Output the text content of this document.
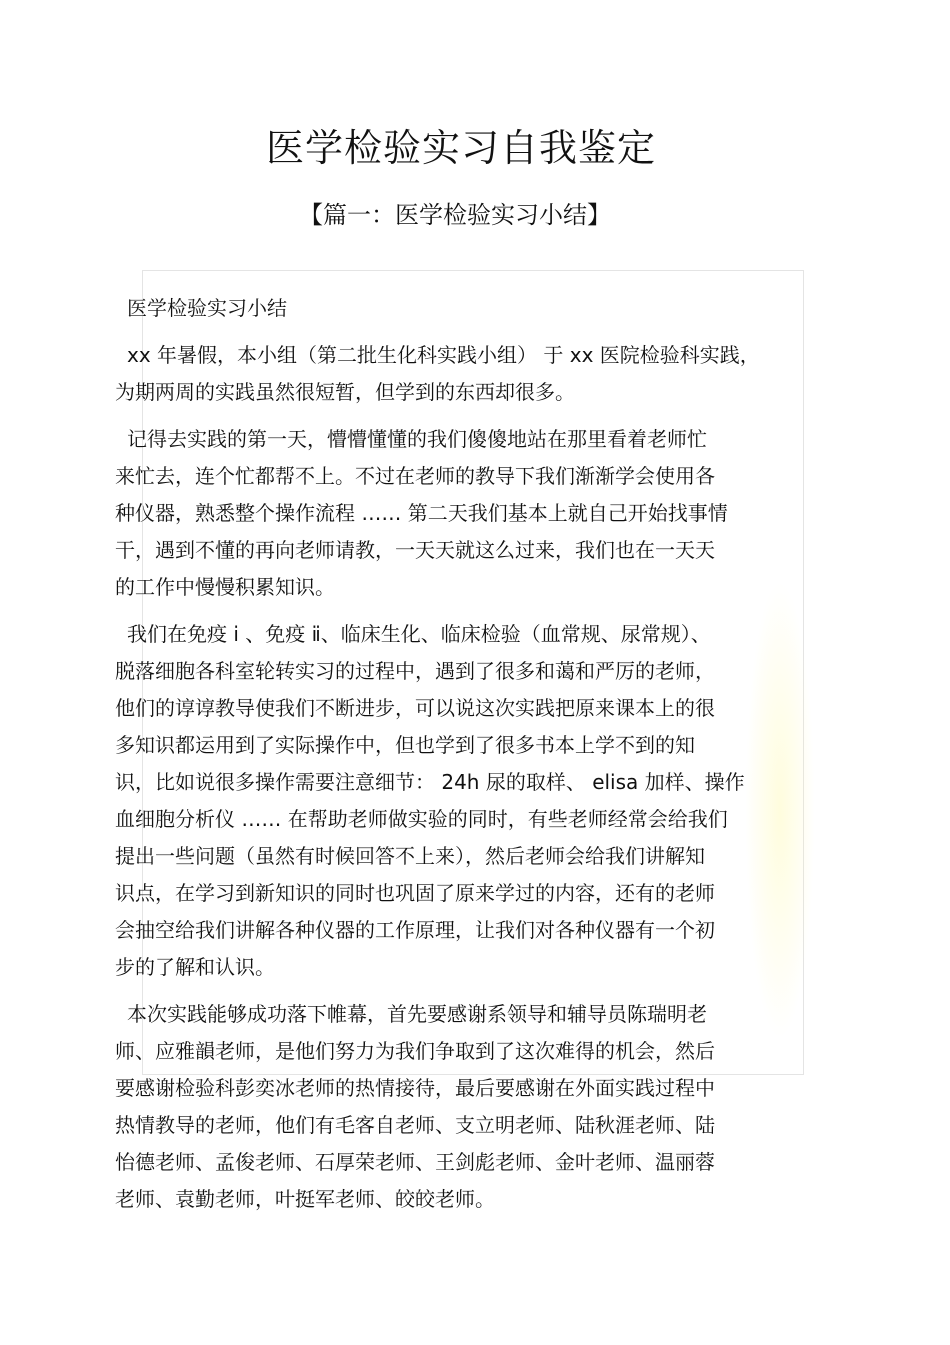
医学检验实习自我鉴定
【篇一：医学检验实习小结】
医学检验实习小结
xx 年暑假，本小组（第二批生化科实践小组） 于 xx 医院检验科实践，
为期两周的实践虽然很短暂，但学到的东西却很多。
记得去实践的第一天，懵懵懂懂的我们傻傻地站在那里看着老师忙
来忙去，连个忙都帮不上。不过在老师的教导下我们渐渐学会使用各
种仪器，熟悉整个操作流程 …… 第二天我们基本上就自己开始找事情
干，遇到不懂的再向老师请教，一天天就这么过来，我们也在一天天
的工作中慢慢积累知识。
我们在免疫 ⅰ 、免疫 ⅱ、临床生化、临床检验（血常规、尿常规）、
脱落细胞各科室轮转实习的过程中，遇到了很多和蔼和严厉的老师，
他们的谆谆教导使我们不断进步，可以说这次实践把原来课本上的很
多知识都运用到了实际操作中，但也学到了很多书本上学不到的知
识，比如说很多操作需要注意细节： 24h 尿的取样、 elisa 加样、操作
血细胞分析仪 …… 在帮助老师做实验的同时，有些老师经常会给我们
提出一些问题（虽然有时候回答不上来），然后老师会给我们讲解知
识点，在学习到新知识的同时也巩固了原来学过的内容，还有的老师
会抽空给我们讲解各种仪器的工作原理，让我们对各种仪器有一个初
步的了解和认识。
本次实践能够成功落下帷幕，首先要感谢系领导和辅导员陈瑞明老
师、应雅韻老师，是他们努力为我们争取到了这次难得的机会，然后
要感谢检验科彭奕冰老师的热情接待，最后要感谢在外面实践过程中
热情教导的老师，他们有毛客自老师、支立明老师、陆秋涯老师、陆
怡德老师、孟俊老师、石厚荣老师、王剑彪老师、金叶老师、温丽蓉
老师、袁勤老师，叶挺军老师、皎皎老师。
